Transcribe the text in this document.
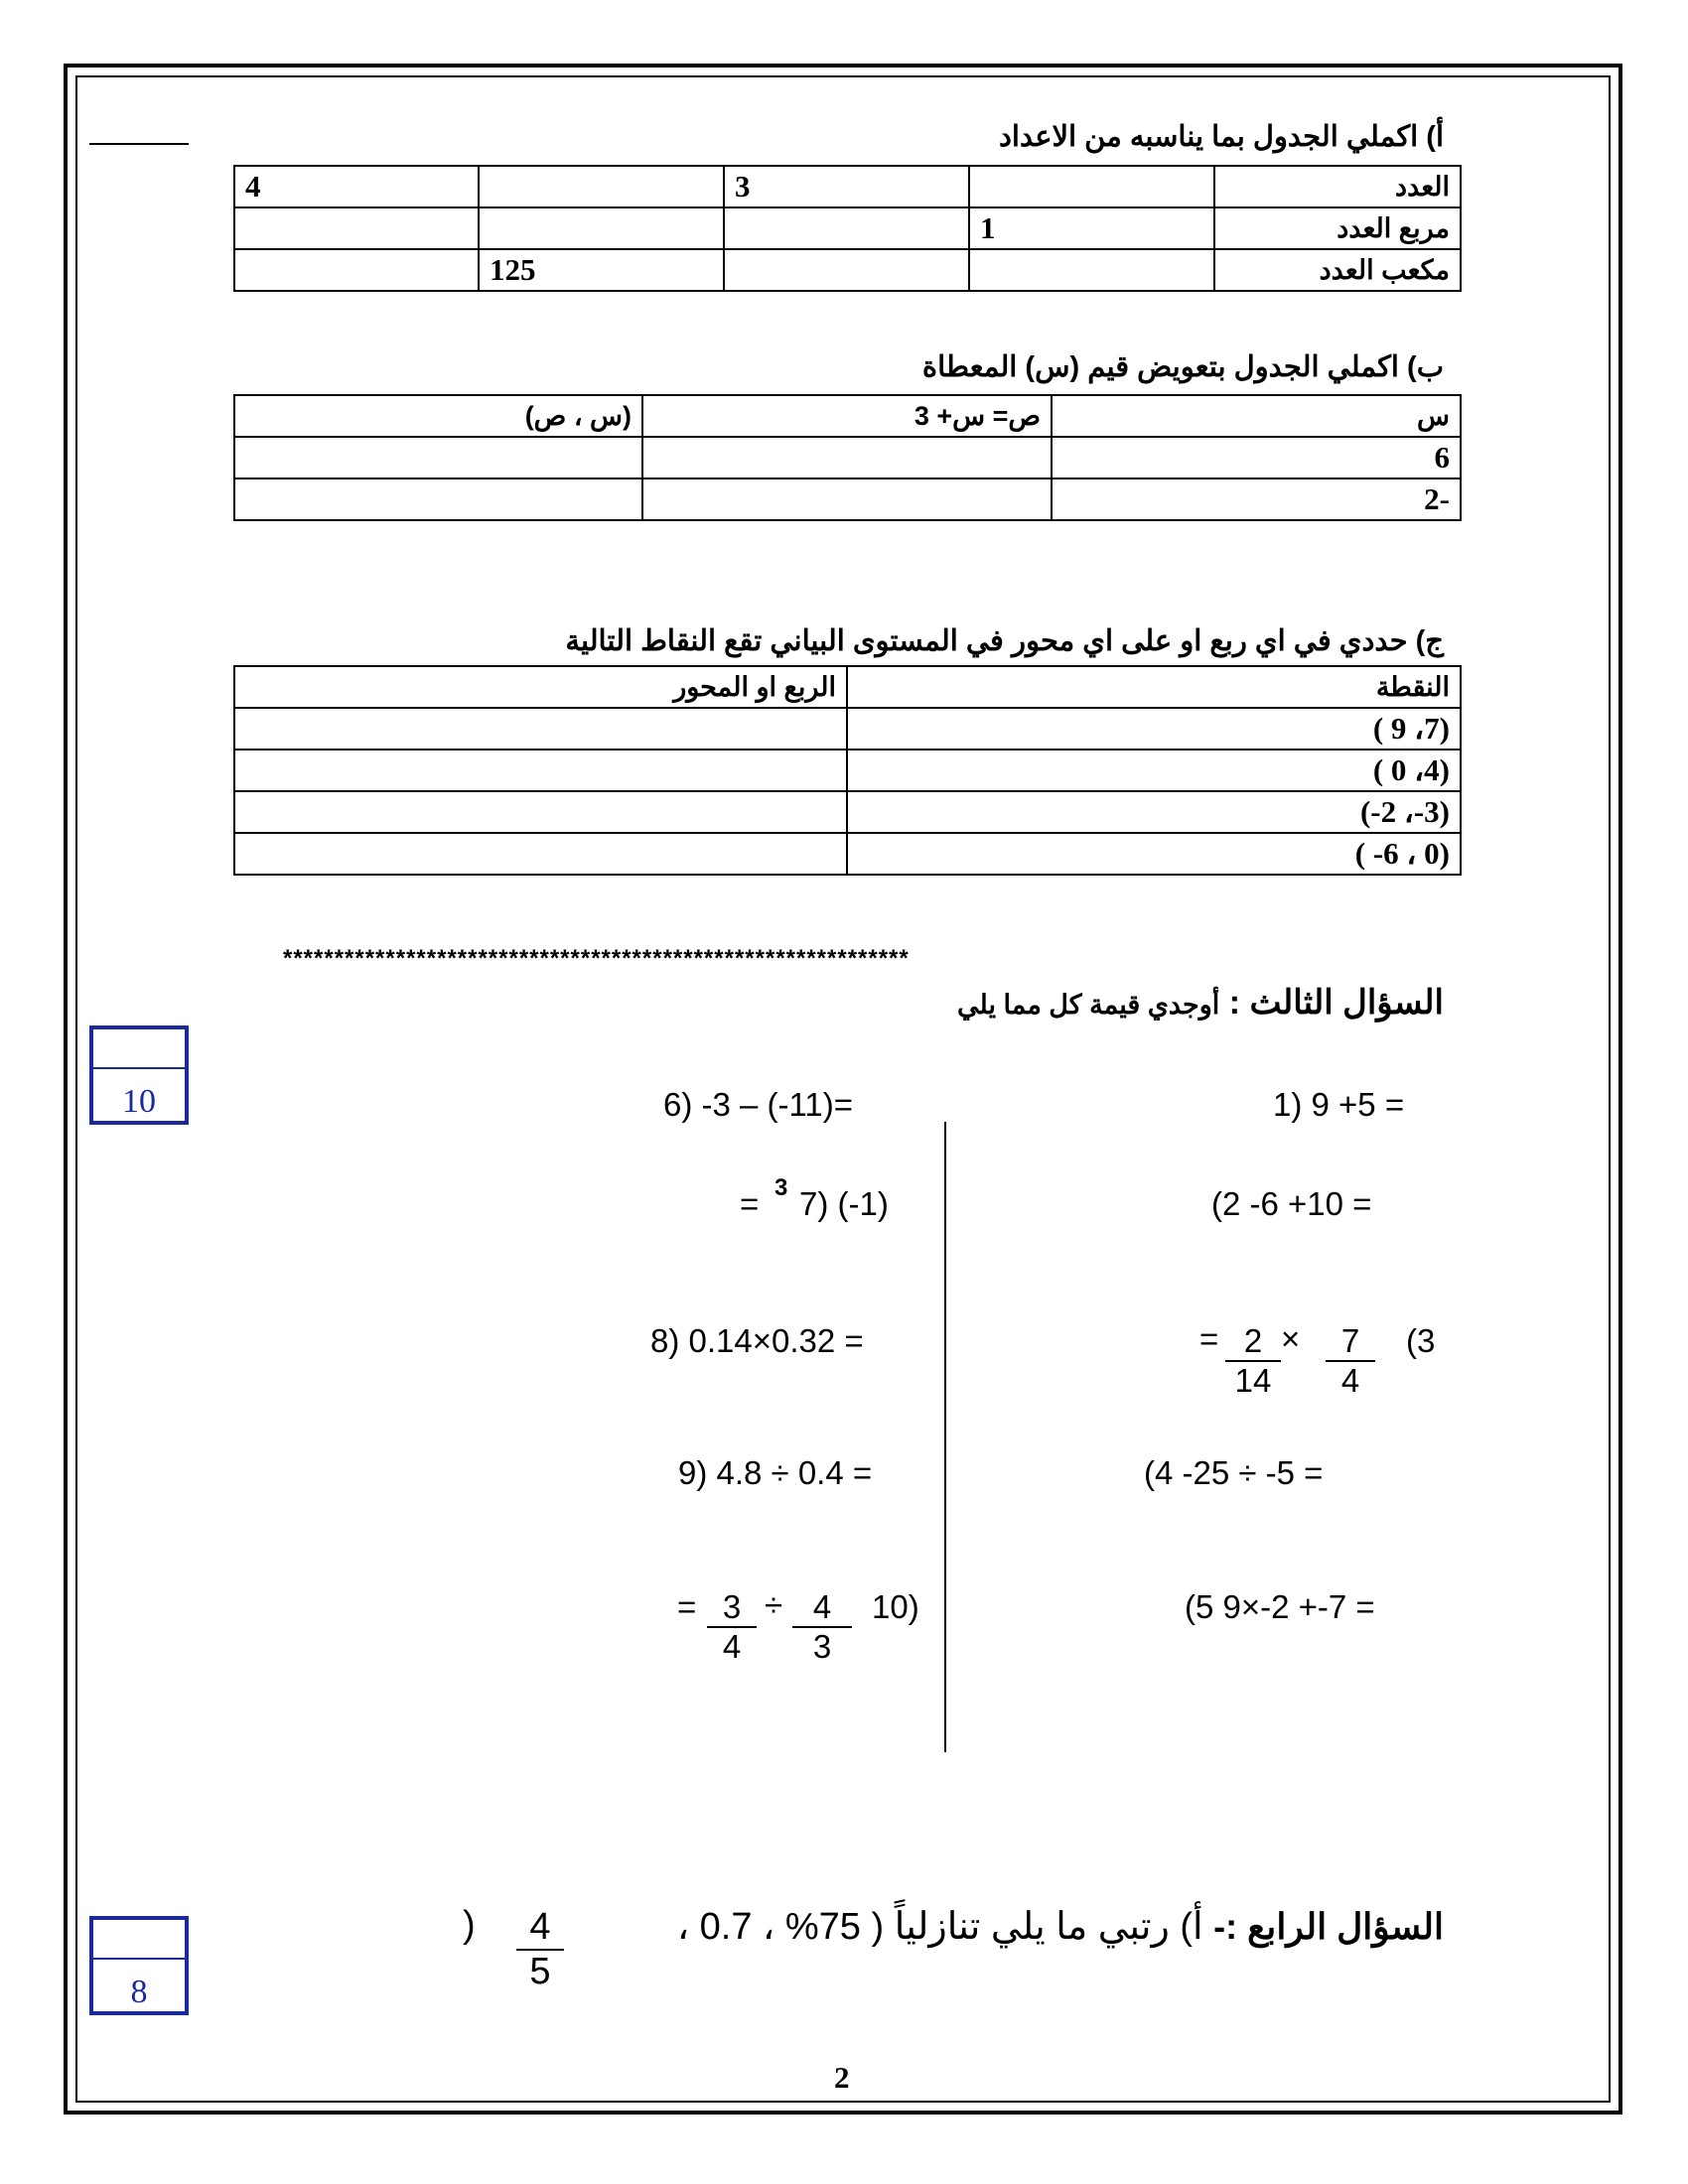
أ) اكملي الجدول بما يناسبه من الاعداد
العدد		3		4
مربع العدد	1			
مكعب العدد			125	
ب) اكملي الجدول بتعويض قيم (س) المعطاة
س	ص= س+ 3	(س ، ص)
6		
2-		
ج) حددي في اي ربع او على اي محور في المستوى البياني تقع النقاط التالية
النقطة	الربع او المحور
( 9 ،7)	
( 0 ،4)	
(-2 ،-3)	
( -6 ، 0)	
*************************************************************
السؤال الثالث : أوجدي قيمة كل مما يلي
10	1) 9 +5 =
(2 -6 +10 =
(3
$\frac{7}{4}$
×
$\frac{2}{14}$
=
(4 -25 ÷ -5 =
(5 9×-2 +-7 =
6) -3 – (-11)=
= 3 7) (-1)
8) 0.14×0.32 =
9) 4.8 ÷ 0.4 =
= $\frac{3}{4} \div \frac{4}{3} 10$)
8
السؤال الرابع :- أ) رتبي ما يلي تنازلياً ( 75% ، 0.7 ،
$\frac{4}{5}$
)
2
